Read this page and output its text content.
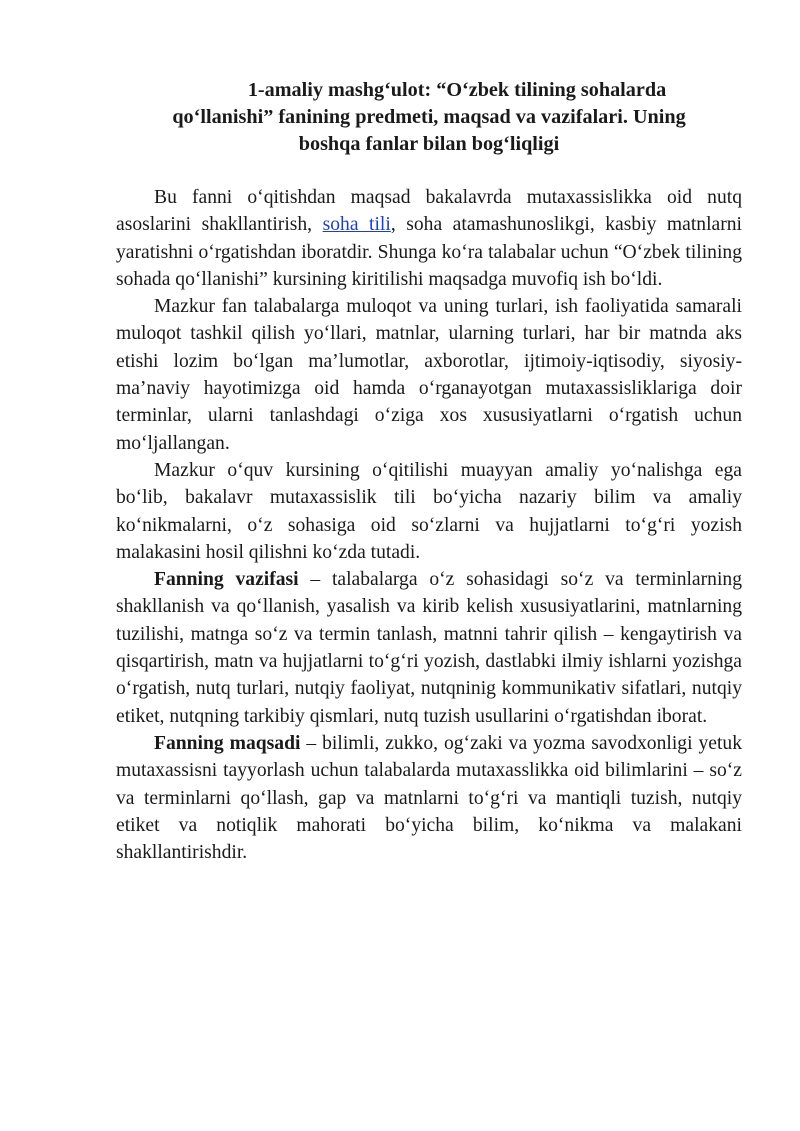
1-amaliy mashg‘ulot: “O‘zbek tilining sohalarda
qo‘llanishi” fanining predmeti, maqsad va vazifalari. Uning
boshqa fanlar bilan bog‘liqligi

Bu fanni o‘qitishdan maqsad bakalavrda mutaxassislikka oid nutq asoslarini shakllantirish, soha tili, soha atamashunoslikgi, kasbiy matnlarni yaratishni o‘rgatishdan iboratdir. Shunga ko‘ra talabalar uchun “O‘zbek tilining sohada qo‘llanishi” kursining kiritilishi maqsadga muvofiq ish bo‘ldi.

Mazkur fan talabalarga muloqot va uning turlari, ish faoliyatida samarali muloqot tashkil qilish yo‘llari, matnlar, ularning turlari, har bir matnda aks etishi lozim bo‘lgan ma’lumotlar, axborotlar, ijtimoiy-iqtisodiy, siyosiy-ma’naviy hayotimizga oid hamda o‘rganayotgan mutaxassisliklariga doir terminlar, ularni tanlashdagi o‘ziga xos xususiyatlarni o‘rgatish uchun mo‘ljallangan.

Mazkur o‘quv kursining o‘qitilishi muayyan amaliy yo‘nalishga ega bo‘lib, bakalavr mutaxassislik tili bo‘yicha nazariy bilim va amaliy ko‘nikmalarni, o‘z sohasiga oid so‘zlarni va hujjatlarni to‘g‘ri yozish malakasini hosil qilishni ko‘zda tutadi.

Fanning vazifasi – talabalarga o‘z sohasidagi so‘z va terminlarning shakllanish va qo‘llanish, yasalish va kirib kelish xususiyatlarini, matnlarning tuzilishi, matnga so‘z va termin tanlash, matnni tahrir qilish – kengaytirish va qisqartirish, matn va hujjatlarni to‘g‘ri yozish, dastlabki ilmiy ishlarni yozishga o‘rgatish, nutq turlari, nutqiy faoliyat, nutqninig kommunikativ sifatlari, nutqiy etiket, nutqning tarkibiy qismlari, nutq tuzish usullarini o‘rgatishdan iborat.

Fanning maqsadi – bilimli, zukko, og‘zaki va yozma savodxonligi yetuk mutaxassisni tayyorlash uchun talabalarda mutaxasslikka oid bilimlarini – so‘z va terminlarni qo‘llash, gap va matnlarni to‘g‘ri va mantiqli tuzish, nutqiy etiket va notiqlik mahorati bo‘yicha bilim, ko‘nikma va malakani shakllantirishdir.
